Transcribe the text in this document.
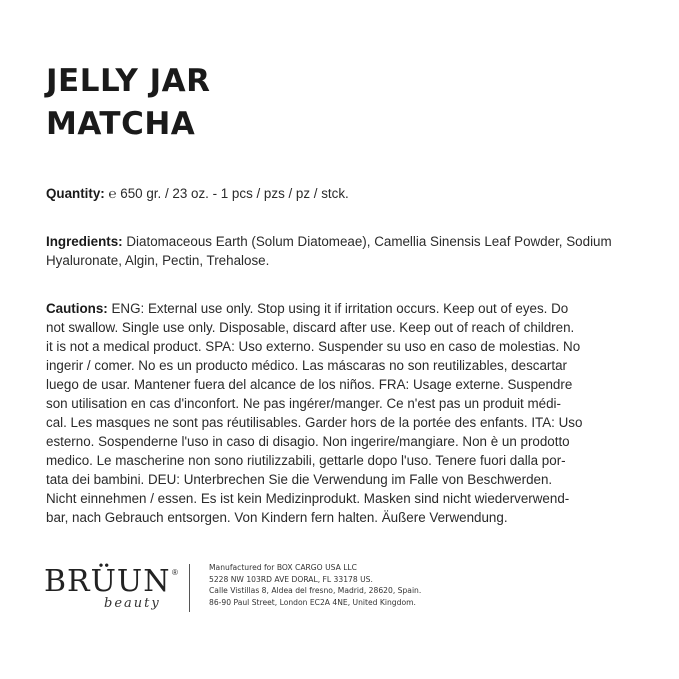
JELLY JAR
MATCHA

Quantity: ℮ 650 gr. / 23 oz. - 1 pcs / pzs / pz / stck.

Ingredients: Diatomaceous Earth (Solum Diatomeae), Camellia Sinensis Leaf Powder, Sodium Hyaluronate, Algin, Pectin, Trehalose.

Cautions: ENG: External use only. Stop using it if irritation occurs. Keep out of eyes. Do
not swallow. Single use only. Disposable, discard after use. Keep out of reach of children.
it is not a medical product. SPA: Uso externo. Suspender su uso en caso de molestias. No
ingerir / comer. No es un producto médico. Las máscaras no son reutilizables, descartar
luego de usar. Mantener fuera del alcance de los niños. FRA: Usage externe. Suspendre
son utilisation en cas d'inconfort. Ne pas ingérer/manger. Ce n'est pas un produit médi-
cal. Les masques ne sont pas réutilisables. Garder hors de la portée des enfants. ITA: Uso
esterno. Sospenderne l'uso in caso di disagio. Non ingerire/mangiare. Non è un prodotto
medico. Le mascherine non sono riutilizzabili, gettarle dopo l'uso. Tenere fuori dalla por-
tata dei bambini. DEU: Unterbrechen Sie die Verwendung im Falle von Beschwerden.
Nicht einnehmen / essen. Es ist kein Medizinprodukt. Masken sind nicht wiederverwend-
bar, nach Gebrauch entsorgen. Von Kindern fern halten. Äußere Verwendung.
BRÜUN ®
beauty
Manufactured for BOX CARGO USA LLC
5228 NW 103RD AVE DORAL, FL 33178 US.
Calle Vistillas 8, Aldea del fresno, Madrid, 28620, Spain.
86-90 Paul Street, London EC2A 4NE, United Kingdom.
